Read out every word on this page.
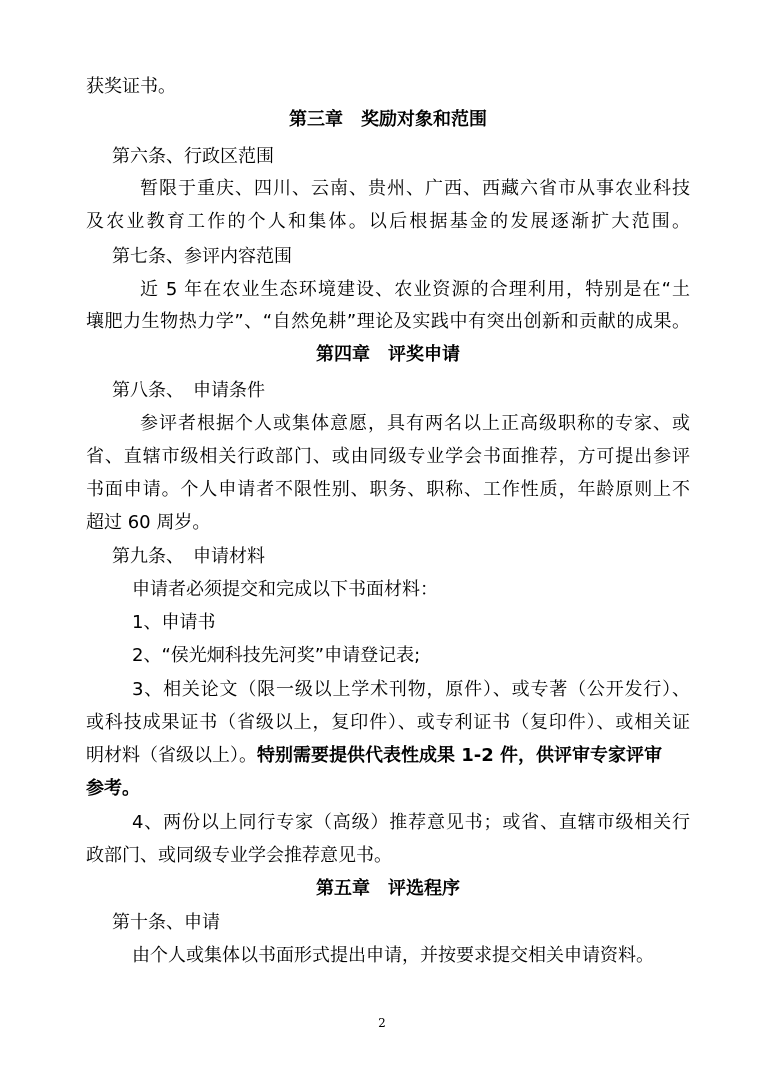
获奖证书。
第三章　奖励对象和范围
第六条、行政区范围
暂限于重庆、四川、云南、贵州、广西、西藏六省市从事农业科技
及农业教育工作的个人和集体。以后根据基金的发展逐渐扩大范围。
第七条、参评内容范围
近 5 年在农业生态环境建设、农业资源的合理利用，特别是在“土
壤肥力生物热力学”、“自然免耕”理论及实践中有突出创新和贡献的成果。
第四章　评奖申请
第八条、　申请条件
参评者根据个人或集体意愿，具有两名以上正高级职称的专家、或
省、直辖市级相关行政部门、或由同级专业学会书面推荐，方可提出参评
书面申请。个人申请者不限性别、职务、职称、工作性质，年龄原则上不
超过 60 周岁。
第九条、　申请材料
申请者必须提交和完成以下书面材料：
1、申请书
2、“侯光炯科技先河奖”申请登记表;
3、相关论文（限一级以上学术刊物，原件）、或专著（公开发行）、
或科技成果证书（省级以上，复印件）、或专利证书（复印件）、或相关证
明材料（省级以上）。特别需要提供代表性成果 1-2 件，供评审专家评审
参考。
4、两份以上同行专家（高级）推荐意见书；或省、直辖市级相关行
政部门、或同级专业学会推荐意见书。
第五章　评选程序
第十条、申请
由个人或集体以书面形式提出申请，并按要求提交相关申请资料。
2
